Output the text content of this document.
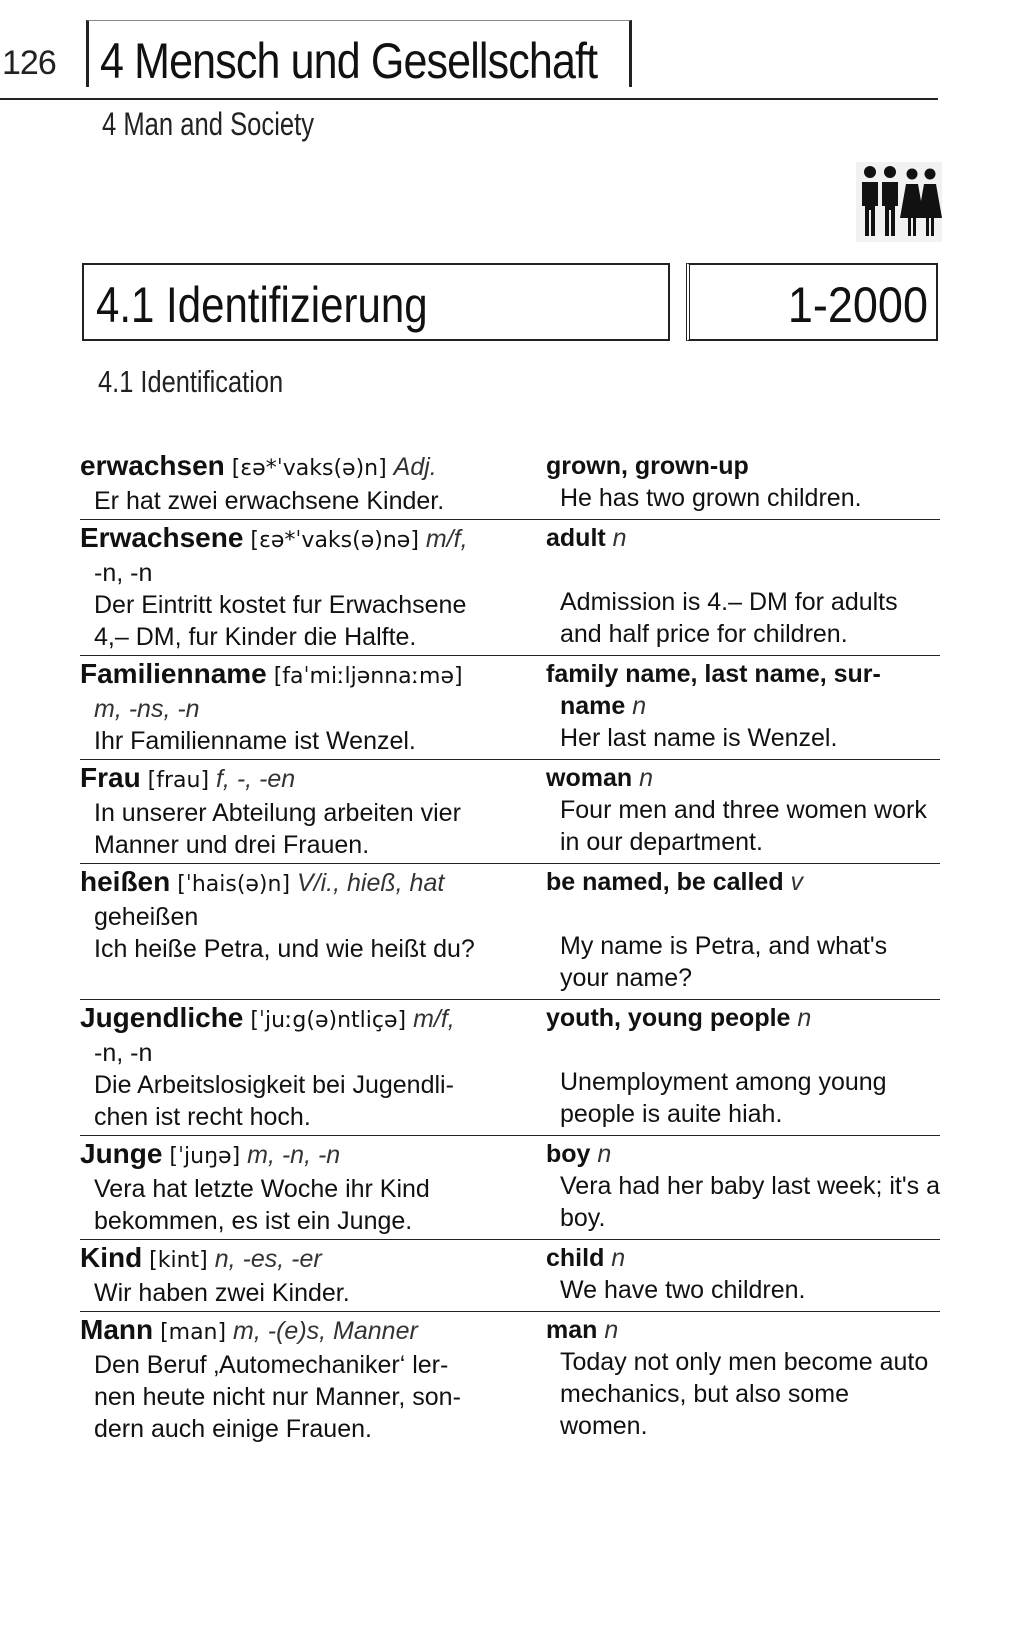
126 4 Mensch und Gesellschaft
4 Man and Society
4.1 Identifizierung	1-2000
4.1 Identification
erwachsen [ɛə*ˈvaks(ə)n] Adj.
Er hat zwei erwachsene Kinder.
grown, grown-up
He has two grown children.
Erwachsene [ɛə*ˈvaks(ə)nə] m/f,
-n, -n
Der Eintritt kostet fur Erwachsene
4,– DM, fur Kinder die Halfte.
adult n
Admission is 4.– DM for adults
and half price for children.
Familienname [faˈmiːljənnaːmə]
m, -ns, -n
Ihr Familienname ist Wenzel.
family name, last name, sur-
name n
Her last name is Wenzel.
Frau [frau] f, -, -en
In unserer Abteilung arbeiten vier
Manner und drei Frauen.
woman n
Four men and three women work
in our department.
heißen [ˈhais(ə)n] V/i., hieß, hat
geheißen
Ich heiße Petra, und wie heißt du?
be named, be called v
My name is Petra, and what's
your name?
Jugendliche [ˈjuːg(ə)ntliçə] m/f,
-n, -n
Die Arbeitslosigkeit bei Jugendli-
chen ist recht hoch.
youth, young people n
Unemployment among young
people is auite hiah.
Junge [ˈjuŋə] m, -n, -n
Vera hat letzte Woche ihr Kind
bekommen, es ist ein Junge.
boy n
Vera had her baby last week; it's a
boy.
Kind [kint] n, -es, -er
Wir haben zwei Kinder.
child n
We have two children.
Mann [man] m, -(e)s, Manner
Den Beruf ‚Automechaniker‘ ler-
nen heute nicht nur Manner, son-
dern auch einige Frauen.
man n
Today not only men become auto
mechanics, but also some
women.
